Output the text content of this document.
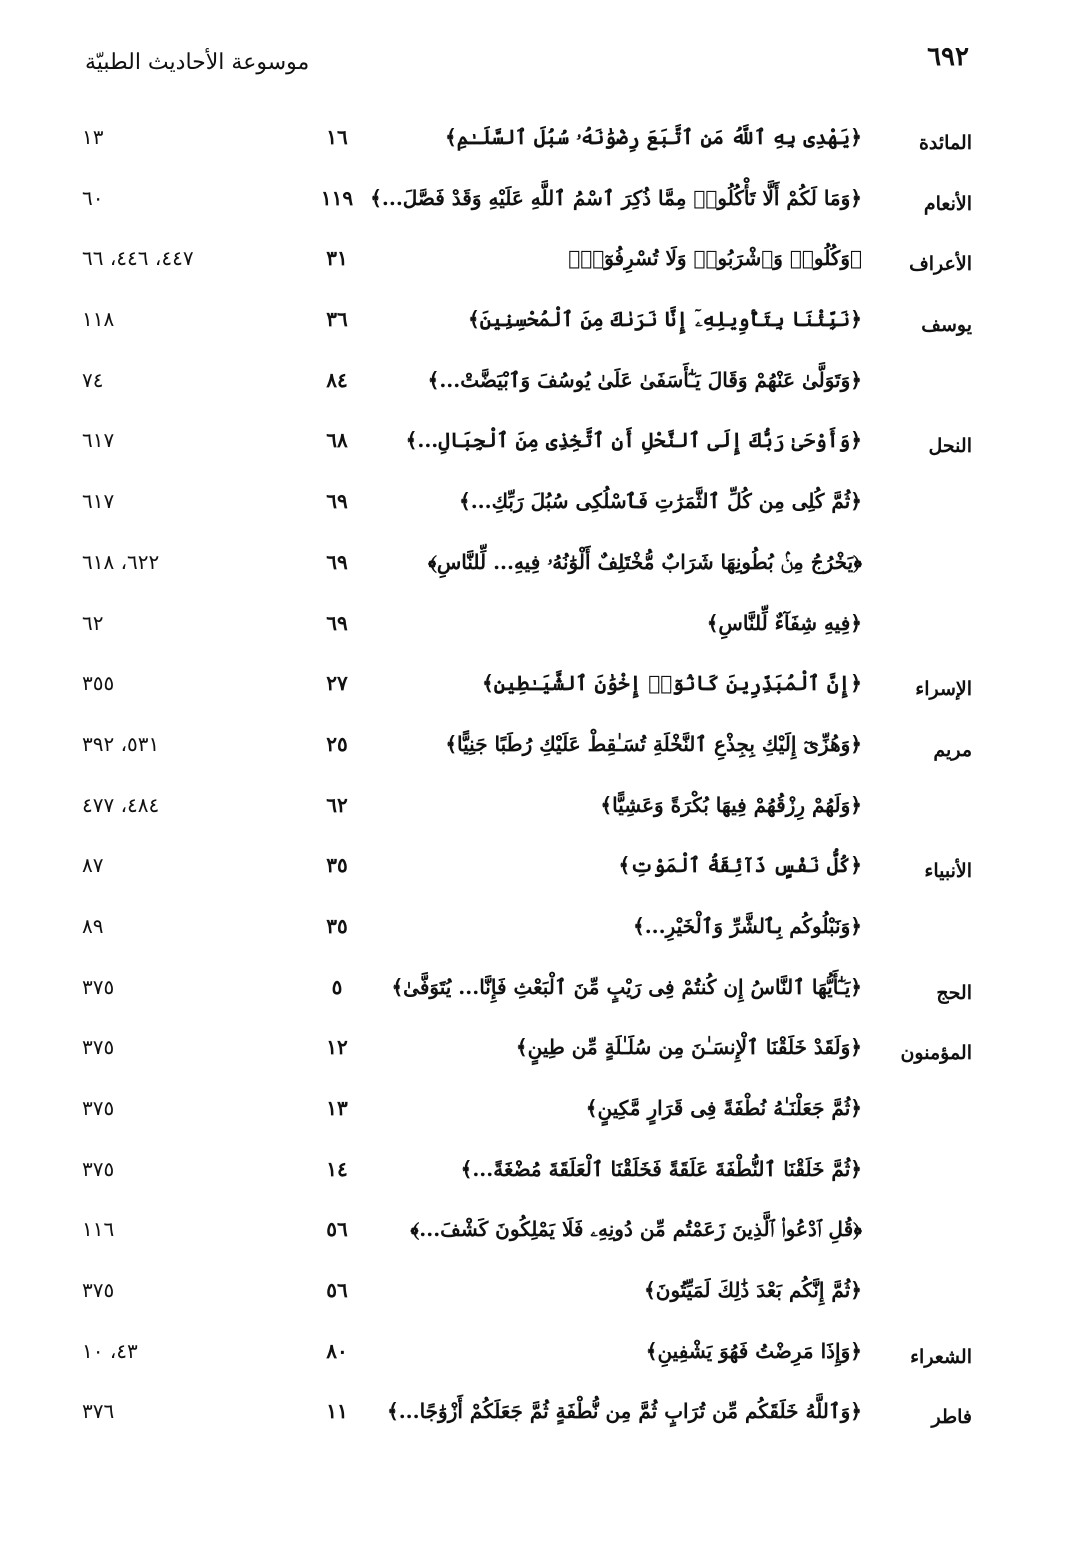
٦٩٢
موسوعة الأحاديث الطبيّة
المائدة
﴿يَهْدِى بِهِ ٱللَّهُ مَنِ ٱتَّبَعَ رِضْوَٰنَهُۥ سُبُلَ ٱلسَّلَـٰمِ﴾
١٦
١٣
الأنعام
﴿وَمَا لَكُمْ أَلَّا تَأْكُلُوا۟ مِمَّا ذُكِرَ ٱسْمُ ٱللَّهِ عَلَيْهِ وَقَدْ فَصَّلَ...﴾
١١٩
٦٠
الأعراف
﴿وَكُلُوا۟ وَٱشْرَبُوا۟ وَلَا تُسْرِفُوٓا۟﴾
٣١
٤٤٧، ٤٤٦، ٦٦
يوسف
﴿نَبِّئْنَا بِتَأْوِيلِهِۦٓ إِنَّا نَرَىٰكَ مِنَ ٱلْمُحْسِنِينَ﴾
٣٦
١١٨
﴿وَتَوَلَّىٰ عَنْهُمْ وَقَالَ يَـٰٓأَسَفَىٰ عَلَىٰ يُوسُفَ وَٱبْيَضَّتْ...﴾
٨٤
٧٤
النحل
﴿وَأَوْحَىٰ رَبُّكَ إِلَى ٱلنَّحْلِ أَنِ ٱتَّخِذِى مِنَ ٱلْجِبَالِ...﴾
٦٨
٦١٧
﴿ثُمَّ كُلِى مِن كُلِّ ٱلثَّمَرَٰتِ فَٱسْلُكِى سُبُلَ رَبِّكِ...﴾
٦٩
٦١٧
﴿يَخْرُجُ مِنۢ بُطُونِهَا شَرَابٌ مُّخْتَلِفٌ أَلْوَٰنُهُۥ فِيهِ... لِّلنَّاسِ﴾
٦٩
٦٢٢، ٦١٨
﴿فِيهِ شِفَآءٌ لِّلنَّاسِ﴾
٦٩
٦٢
الإسراء
﴿إِنَّ ٱلْمُبَذِّرِينَ كَانُوٓا۟ إِخْوَٰنَ ٱلشَّيَـٰطِينِ﴾
٢٧
٣٥٥
مريم
﴿وَهُزِّىٓ إِلَيْكِ بِجِذْعِ ٱلنَّخْلَةِ تُسَـٰقِطْ عَلَيْكِ رُطَبًا جَنِيًّا﴾
٢٥
٥٣١، ٣٩٢
﴿وَلَهُمْ رِزْقُهُمْ فِيهَا بُكْرَةً وَعَشِيًّا﴾
٦٢
٤٨٤، ٤٧٧
الأنبياء
﴿كُلُّ نَفْسٍ ذَآئِقَةُ ٱلْمَوْتِ﴾
٣٥
٨٧
﴿وَنَبْلُوكُم بِٱلشَّرِّ وَٱلْخَيْرِ...﴾
٣٥
٨٩
الحج
﴿يَـٰٓأَيُّهَا ٱلنَّاسُ إِن كُنتُمْ فِى رَيْبٍ مِّنَ ٱلْبَعْثِ فَإِنَّا... يُتَوَفَّىٰ﴾
٥
٣٧٥
المؤمنون
﴿وَلَقَدْ خَلَقْنَا ٱلْإِنسَـٰنَ مِن سُلَـٰلَةٍ مِّن طِينٍ﴾
١٢
٣٧٥
﴿ثُمَّ جَعَلْنَـٰهُ نُطْفَةً فِى قَرَارٍ مَّكِينٍ﴾
١٣
٣٧٥
﴿ثُمَّ خَلَقْنَا ٱلنُّطْفَةَ عَلَقَةً فَخَلَقْنَا ٱلْعَلَقَةَ مُضْغَةً...﴾
١٤
٣٧٥
﴿قُلِ ٱدْعُوا۟ ٱلَّذِينَ زَعَمْتُم مِّن دُونِهِۦ فَلَا يَمْلِكُونَ كَشْفَ...﴾
٥٦
١١٦
﴿ثُمَّ إِنَّكُم بَعْدَ ذَٰلِكَ لَمَيِّتُونَ﴾
٥٦
٣٧٥
الشعراء
﴿وَإِذَا مَرِضْتُ فَهُوَ يَشْفِينِ﴾
٨٠
٤٣، ١٠
فاطر
﴿وَٱللَّهُ خَلَقَكُم مِّن تُرَابٍ ثُمَّ مِن نُّطْفَةٍ ثُمَّ جَعَلَكُمْ أَزْوَٰجًا...﴾
١١
٣٧٦
